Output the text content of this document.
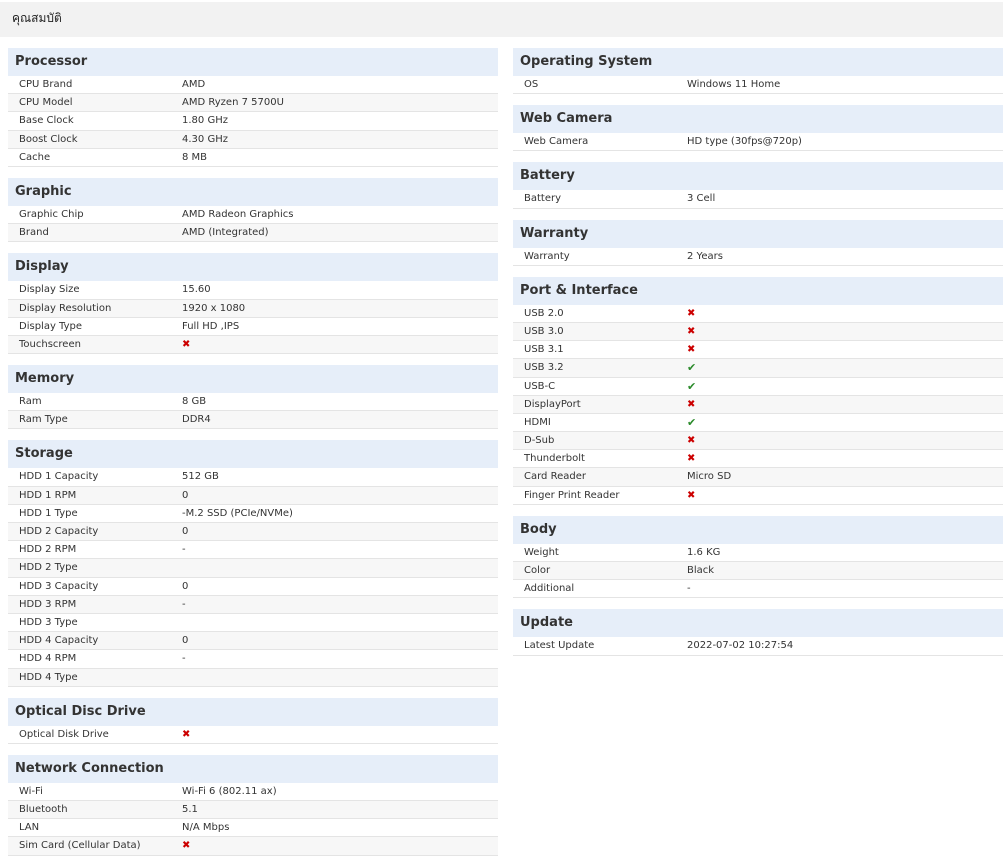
คุณสมบัติ
Processor
CPU Brand	AMD
CPU Model	AMD Ryzen 7 5700U
Base Clock	1.80 GHz
Boost Clock	4.30 GHz
Cache	8 MB
Graphic
Graphic Chip	AMD Radeon Graphics
Brand	AMD (Integrated)
Display
Display Size	15.60
Display Resolution	1920 x 1080
Display Type	Full HD ,IPS
Touchscreen	✖
Memory
Ram	8 GB
Ram Type	DDR4
Storage
HDD 1 Capacity	512 GB
HDD 1 RPM	0
HDD 1 Type	-M.2 SSD (PCIe/NVMe)
HDD 2 Capacity	0
HDD 2 RPM	-
HDD 2 Type
HDD 3 Capacity	0
HDD 3 RPM	-
HDD 3 Type
HDD 4 Capacity	0
HDD 4 RPM	-
HDD 4 Type
Optical Disc Drive
Optical Disk Drive	✖
Network Connection
Wi-Fi	Wi-Fi 6 (802.11 ax)
Bluetooth	5.1
LAN	N/A Mbps
Sim Card (Cellular Data)	✖
Operating System
OS	Windows 11 Home
Web Camera
Web Camera	HD type (30fps@720p)
Battery
Battery	3 Cell
Warranty
Warranty	2 Years
Port & Interface
USB 2.0	✖
USB 3.0	✖
USB 3.1	✖
USB 3.2	✔
USB-C	✔
DisplayPort	✖
HDMI	✔
D-Sub	✖
Thunderbolt	✖
Card Reader	Micro SD
Finger Print Reader	✖
Body
Weight	1.6 KG
Color	Black
Additional	-
Update
Latest Update	2022-07-02 10:27:54
